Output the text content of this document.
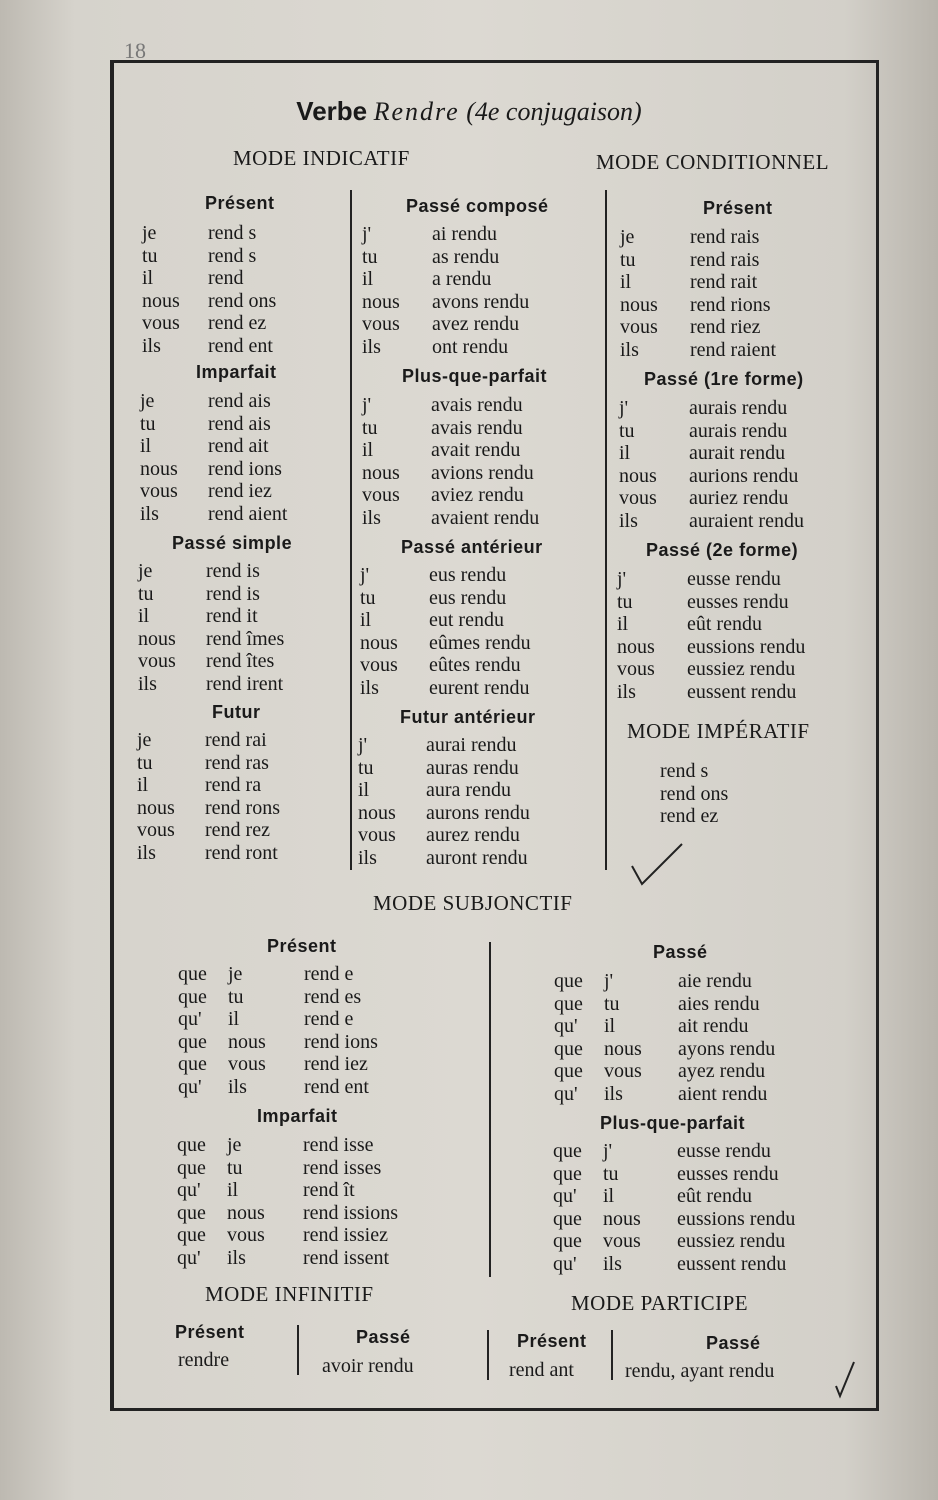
18
Verbe Rendre (4e conjugaison)
MODE INDICATIF	MODE CONDITIONNEL
Présent
je	rend s
tu	rend s
il	rend
nous rend ons
vous rend ez
ils rend ent
Imparfait
je	rend ais
tu	rend ais
il	rend ait
nous rend ions
vous rend iez
ils rend aient
Passé simple
je	rend is
tu	rend is
il	rend it
nous rend îmes
vous rend îtes
ils rend irent
Futur
je	rend rai
tu	rend ras
il	rend ra
nous rend rons
vous rend rez
ils rend ront
Passé composé
j'	ai rendu
tu	as rendu
il	a rendu
nous avons rendu
vous avez rendu
ils	ont rendu
Plus-que-parfait
j'	avais rendu
tu	avais rendu
il	avait rendu
nous avions rendu
vous aviez rendu
ils	avaient rendu
Passé antérieur
j'	eus rendu
tu	eus rendu
il	eut rendu
nous eûmes rendu
vous eûtes rendu
ils	eurent rendu
Futur antérieur
j'	aurai rendu
tu	auras rendu
il	aura rendu
nous aurons rendu
vous aurez rendu
ils auront rendu
Présent
je	rend rais
tu	rend rais
il	rend rait
nous rend rions
vous rend riez
ils	rend raient
Passé (1re forme)
j'	aurais rendu
tu	aurais rendu
il	aurait rendu
nous aurions rendu
vous auriez rendu
ils	auraient rendu
Passé (2e forme)
j'	eusse rendu
tu	eusses rendu
il	eût rendu
nous eussions rendu
vous eussiez rendu
ils	eussent rendu
MODE IMPÉRATIF
rend s
rend ons
rend ez
MODE SUBJONCTIF
Présent
que je	rend e
que tu	rend es
qu' il	rend e
que nous rend ions
que vous rend iez
qu' ils	rend ent
Imparfait
que je	rend isse
que tu	rend isses
qu' il	rend ît
que nous rend issions
que vous rend issiez
qu' ils	rend issent
Passé
que j'	aie rendu
que tu	aies rendu
qu' il	ait rendu
que nous ayons rendu
que vous ayez rendu
qu' ils	aient rendu
Plus-que-parfait
que j'	eusse rendu
que tu	eusses rendu
qu' il	eût rendu
que nous eussions rendu
que vous eussiez rendu
qu' ils	eussent rendu
MODE INFINITIF
Présent
rendre
Passé
avoir rendu
MODE PARTICIPE
Présent
rend ant
Passé
rendu, ayant rendu
